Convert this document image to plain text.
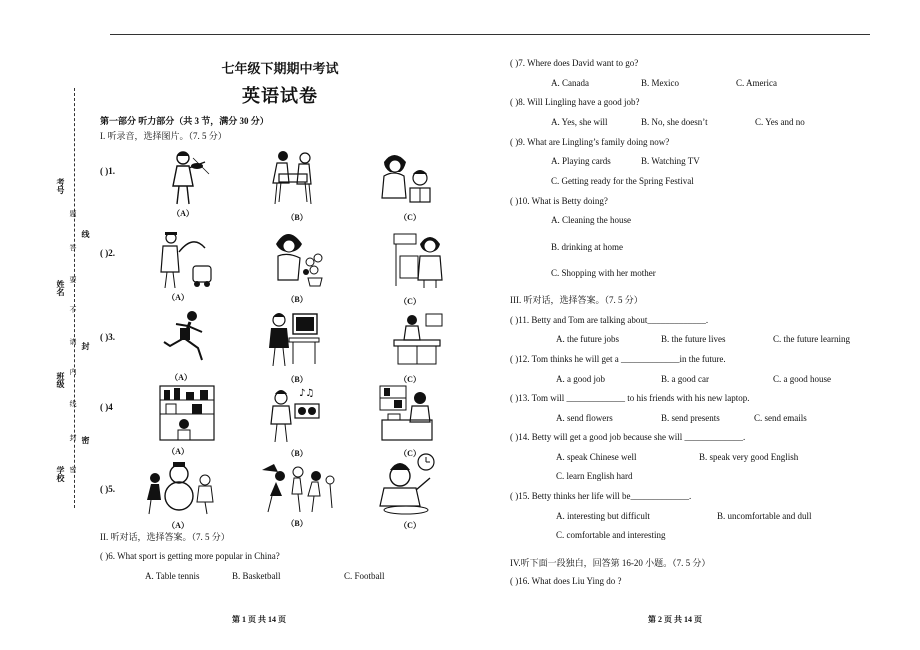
考号
姓名
班级
学校
题
答
要
不
请
内
线
封
密
线
封
密
七年级下期期中考试
英语试卷
第一部分 听力部分（共 3 节，满分 30 分）
I. 听录音，选择图片。（7. 5 分）
( )1.
（A）	（B）	（C）
( )2.
（A）	（B）	（C）
( )3.
（A）	（B）	（C）
( )4
（A）
♪♫
（B）	（C）
( )5.
（A）	（B）	（C）
II. 听对话，选择答案。（7. 5 分）
( )6. What sport is getting more popular in China?
A. Table tennis	B. Basketball	C. Football
( )7. Where does David want to go?
A. Canada	B. Mexico	C. America
( )8. Will Lingling have a good job?
A. Yes, she will	B. No, she doesn’t	C. Yes and no
( )9. What are Lingling’s family doing now?
A. Playing cards	B. Watching TV
C. Getting ready for the Spring Festival
( )10. What is Betty doing?
A. Cleaning the house
B. drinking at home
C. Shopping with her mother
III. 听对话，选择答案。（7. 5 分）
( )11. Betty and Tom are talking about_____________.
A. the future jobs	B. the future lives	C. the future learning
( )12. Tom thinks he will get a _____________in the future.
A. a good job	B. a good car	C. a good house
( )13. Tom will _____________ to his friends with his new laptop.
A. send flowers	B. send presents	C. send emails
( )14. Betty will get a good job because she will _____________.
A. speak Chinese well	B. speak very good English
C. learn English hard
( )15. Betty thinks her life will be_____________.
A. interesting but difficult	B. uncomfortable and dull
C. comfortable and interesting
IV.听下面一段独白，回答第 16-20 小题。（7. 5 分）
( )16. What does Liu Ying do ?
第 1 页 共 14 页	第 2 页 共 14 页
